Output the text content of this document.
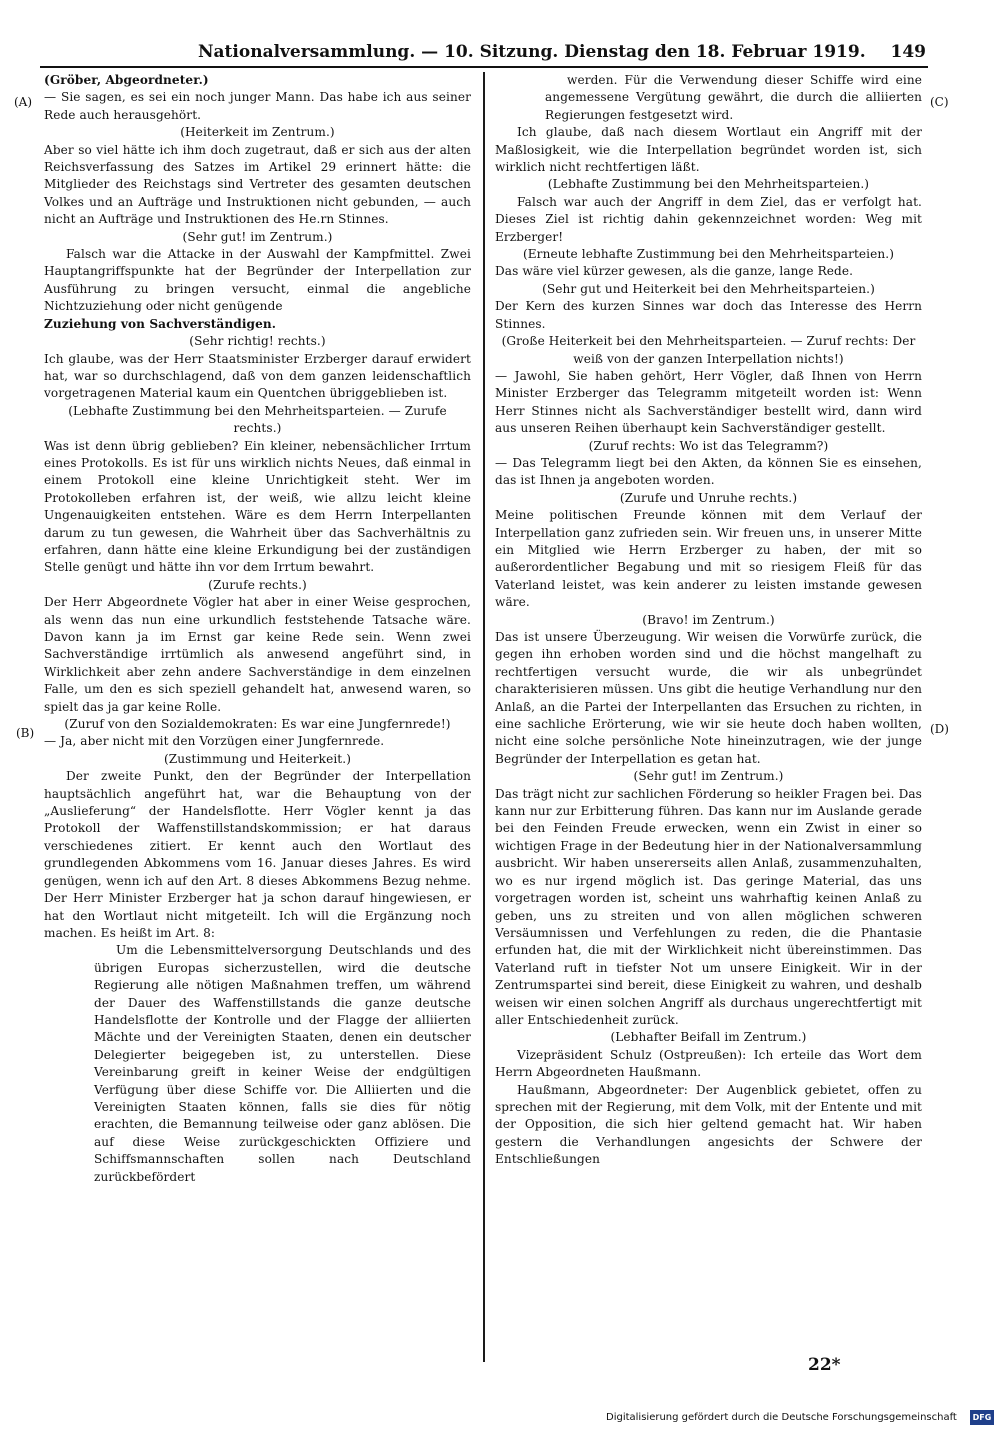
Nationalversammlung. — 10. Sitzung. Dienstag den 18. Februar 1919. 149
(A)
(B)
(C)
(D)

(Gröber, Abgeordneter.)

— Sie sagen, es sei ein noch junger Mann. Das habe ich aus seiner Rede auch herausgehört.

(Heiterkeit im Zentrum.)

Aber so viel hätte ich ihm doch zugetraut, daß er sich aus der alten Reichsverfassung des Satzes im Artikel 29 erinnert hätte: die Mitglieder des Reichstags sind Vertreter des gesamten deutschen Volkes und an Aufträge und Instruktionen nicht gebunden, — auch nicht an Aufträge und Instruktionen des He.rn Stinnes.

(Sehr gut! im Zentrum.)

Falsch war die Attacke in der Auswahl der Kampfmittel. Zwei Hauptangriffspunkte hat der Begründer der Interpellation zur Ausführung zu bringen versucht, einmal die angebliche Nichtzuziehung oder nicht genügende

Zuziehung von Sachverständigen.

(Sehr richtig! rechts.)

Ich glaube, was der Herr Staatsminister Erzberger darauf erwidert hat, war so durchschlagend, daß von dem ganzen leidenschaftlich vorgetragenen Material kaum ein Quentchen übriggeblieben ist.

(Lebhafte Zustimmung bei den Mehrheitsparteien. — Zurufe rechts.)

Was ist denn übrig geblieben? Ein kleiner, nebensächlicher Irrtum eines Protokolls. Es ist für uns wirklich nichts Neues, daß einmal in einem Protokoll eine kleine Unrichtigkeit steht. Wer im Protokolleben erfahren ist, der weiß, wie allzu leicht kleine Ungenauigkeiten entstehen. Wäre es dem Herrn Interpellanten darum zu tun gewesen, die Wahrheit über das Sachverhältnis zu erfahren, dann hätte eine kleine Erkundigung bei der zuständigen Stelle genügt und hätte ihn vor dem Irrtum bewahrt.

(Zurufe rechts.)

Der Herr Abgeordnete Vögler hat aber in einer Weise gesprochen, als wenn das nun eine urkundlich feststehende Tatsache wäre. Davon kann ja im Ernst gar keine Rede sein. Wenn zwei Sachverständige irrtümlich als anwesend angeführt sind, in Wirklichkeit aber zehn andere Sachverständige in dem einzelnen Falle, um den es sich speziell gehandelt hat, anwesend waren, so spielt das ja gar keine Rolle.

(Zuruf von den Sozialdemokraten: Es war eine Jungfernrede!)

— Ja, aber nicht mit den Vorzügen einer Jungfernrede.

(Zustimmung und Heiterkeit.)

Der zweite Punkt, den der Begründer der Interpellation hauptsächlich angeführt hat, war die Behauptung von der „Auslieferung“ der Handelsflotte. Herr Vögler kennt ja das Protokoll der Waffenstillstandskommission; er hat daraus verschiedenes zitiert. Er kennt auch den Wortlaut des grundlegenden Abkommens vom 16. Januar dieses Jahres. Es wird genügen, wenn ich auf den Art. 8 dieses Abkommens Bezug nehme. Der Herr Minister Erzberger hat ja schon darauf hingewiesen, er hat den Wortlaut nicht mitgeteilt. Ich will die Ergänzung noch machen. Es heißt im Art. 8:

Um die Lebensmittelversorgung Deutschlands und des übrigen Europas sicherzustellen, wird die deutsche Regierung alle nötigen Maßnahmen treffen, um während der Dauer des Waffenstillstands die ganze deutsche Handelsflotte der Kontrolle und der Flagge der alliierten Mächte und der Vereinigten Staaten, denen ein deutscher Delegierter beigegeben ist, zu unterstellen. Diese Vereinbarung greift in keiner Weise der endgültigen Verfügung über diese Schiffe vor. Die Alliierten und die Vereinigten Staaten können, falls sie dies für nötig erachten, die Bemannung teilweise oder ganz ablösen. Die auf diese Weise zurückgeschickten Offiziere und Schiffsmannschaften sollen nach Deutschland zurückbefördert

werden. Für die Verwendung dieser Schiffe wird eine angemessene Vergütung gewährt, die durch die alliierten Regierungen festgesetzt wird.

Ich glaube, daß nach diesem Wortlaut ein Angriff mit der Maßlosigkeit, wie die Interpellation begründet worden ist, sich wirklich nicht rechtfertigen läßt.

(Lebhafte Zustimmung bei den Mehrheitsparteien.)

Falsch war auch der Angriff in dem Ziel, das er verfolgt hat. Dieses Ziel ist richtig dahin gekennzeichnet worden: Weg mit Erzberger!

(Erneute lebhafte Zustimmung bei den Mehrheitsparteien.)

Das wäre viel kürzer gewesen, als die ganze, lange Rede.

(Sehr gut und Heiterkeit bei den Mehrheitsparteien.)

Der Kern des kurzen Sinnes war doch das Interesse des Herrn Stinnes.

(Große Heiterkeit bei den Mehrheitsparteien. — Zuruf rechts: Der weiß von der ganzen Interpellation nichts!)

— Jawohl, Sie haben gehört, Herr Vögler, daß Ihnen von Herrn Minister Erzberger das Telegramm mitgeteilt worden ist: Wenn Herr Stinnes nicht als Sachverständiger bestellt wird, dann wird aus unseren Reihen überhaupt kein Sachverständiger gestellt.

(Zuruf rechts: Wo ist das Telegramm?)

— Das Telegramm liegt bei den Akten, da können Sie es einsehen, das ist Ihnen ja angeboten worden.

(Zurufe und Unruhe rechts.)

Meine politischen Freunde können mit dem Verlauf der Interpellation ganz zufrieden sein. Wir freuen uns, in unserer Mitte ein Mitglied wie Herrn Erzberger zu haben, der mit so außerordentlicher Begabung und mit so riesigem Fleiß für das Vaterland leistet, was kein anderer zu leisten imstande gewesen wäre.

(Bravo! im Zentrum.)

Das ist unsere Überzeugung. Wir weisen die Vorwürfe zurück, die gegen ihn erhoben worden sind und die höchst mangelhaft zu rechtfertigen versucht wurde, die wir als unbegründet charakterisieren müssen. Uns gibt die heutige Verhandlung nur den Anlaß, an die Partei der Interpellanten das Ersuchen zu richten, in eine sachliche Erörterung, wie wir sie heute doch haben wollten, nicht eine solche persönliche Note hineinzutragen, wie der junge Begründer der Interpellation es getan hat.

(Sehr gut! im Zentrum.)

Das trägt nicht zur sachlichen Förderung so heikler Fragen bei. Das kann nur zur Erbitterung führen. Das kann nur im Auslande gerade bei den Feinden Freude erwecken, wenn ein Zwist in einer so wichtigen Frage in der Bedeutung hier in der Nationalversammlung ausbricht. Wir haben unsererseits allen Anlaß, zusammenzuhalten, wo es nur irgend möglich ist. Das geringe Material, das uns vorgetragen worden ist, scheint uns wahrhaftig keinen Anlaß zu geben, uns zu streiten und von allen möglichen schweren Versäumnissen und Verfehlungen zu reden, die die Phantasie erfunden hat, die mit der Wirklichkeit nicht übereinstimmen. Das Vaterland ruft in tiefster Not um unsere Einigkeit. Wir in der Zentrumspartei sind bereit, diese Einigkeit zu wahren, und deshalb weisen wir einen solchen Angriff als durchaus ungerechtfertigt mit aller Entschiedenheit zurück.

(Lebhafter Beifall im Zentrum.)

Vizepräsident Schulz (Ostpreußen): Ich erteile das Wort dem Herrn Abgeordneten Haußmann.

Haußmann, Abgeordneter: Der Augenblick gebietet, offen zu sprechen mit der Regierung, mit dem Volk, mit der Entente und mit der Opposition, die sich hier geltend gemacht hat. Wir haben gestern die Verhandlungen angesichts der Schwere der Entschließungen

22*
Digitalisierung gefördert durch die Deutsche Forschungsgemeinschaft	DFG
